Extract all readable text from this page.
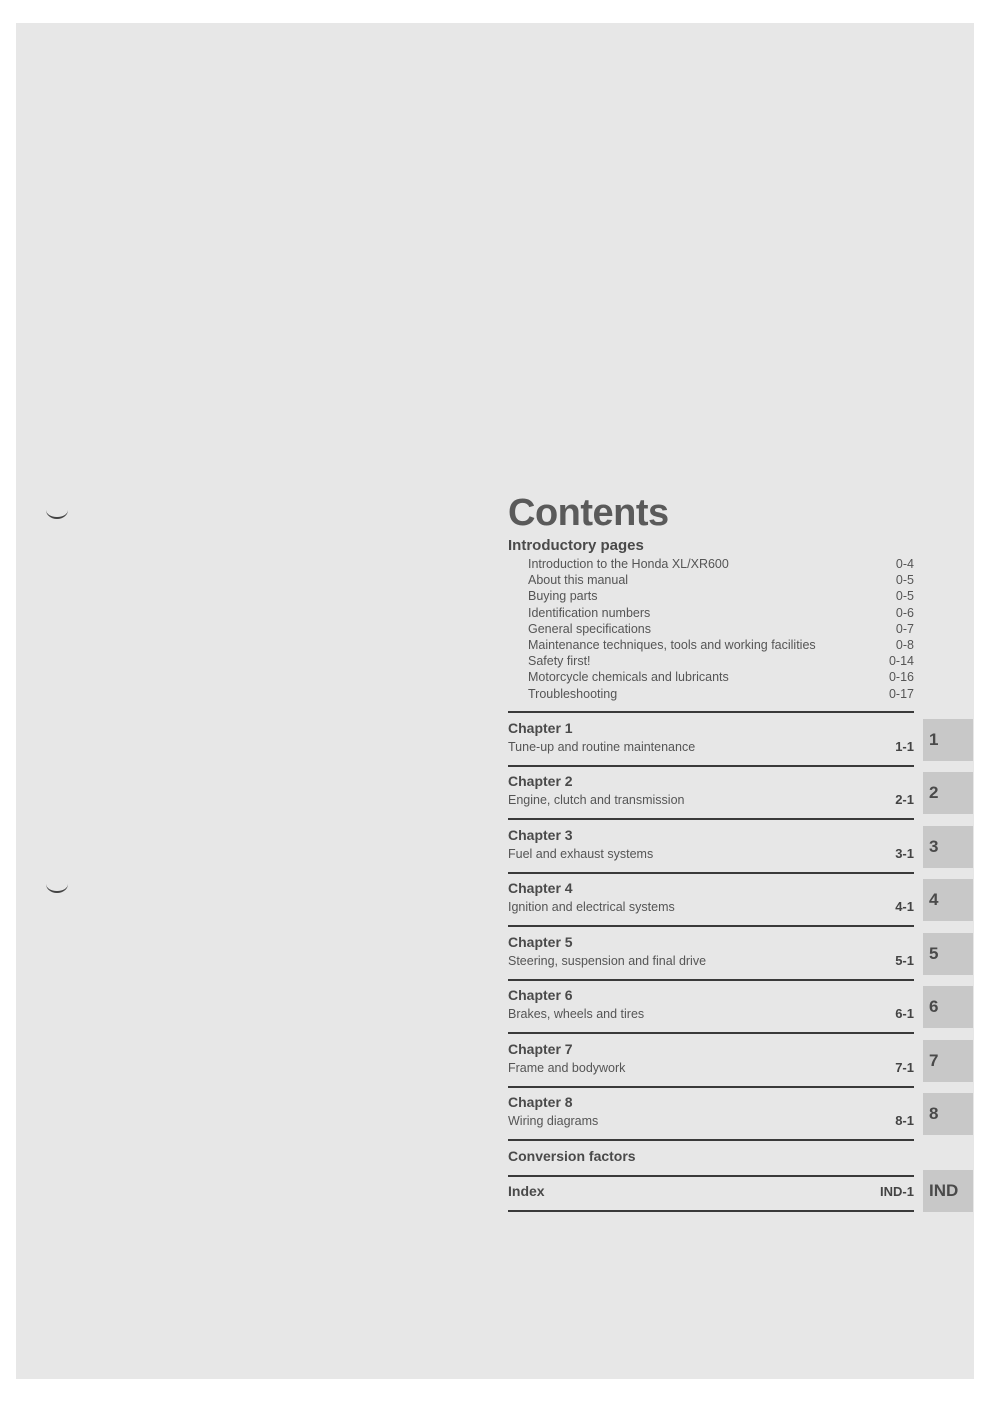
Contents
Introductory pages
Introduction to the Honda XL/XR600	0-4
About this manual	0-5
Buying parts	0-5
Identification numbers	0-6
General specifications	0-7
Maintenance techniques, tools and working facilities	0-8
Safety first!	0-14
Motorcycle chemicals and lubricants	0-16
Troubleshooting	0-17
Chapter 1
Tune-up and routine maintenance	1-1
Chapter 2
Engine, clutch and transmission	2-1
Chapter 3
Fuel and exhaust systems	3-1
Chapter 4
Ignition and electrical systems	4-1
Chapter 5
Steering, suspension and final drive	5-1
Chapter 6
Brakes, wheels and tires	6-1
Chapter 7
Frame and bodywork	7-1
Chapter 8
Wiring diagrams	8-1
Conversion factors
Index	IND-1
1
2
3
4
5
6
7
8
IND
